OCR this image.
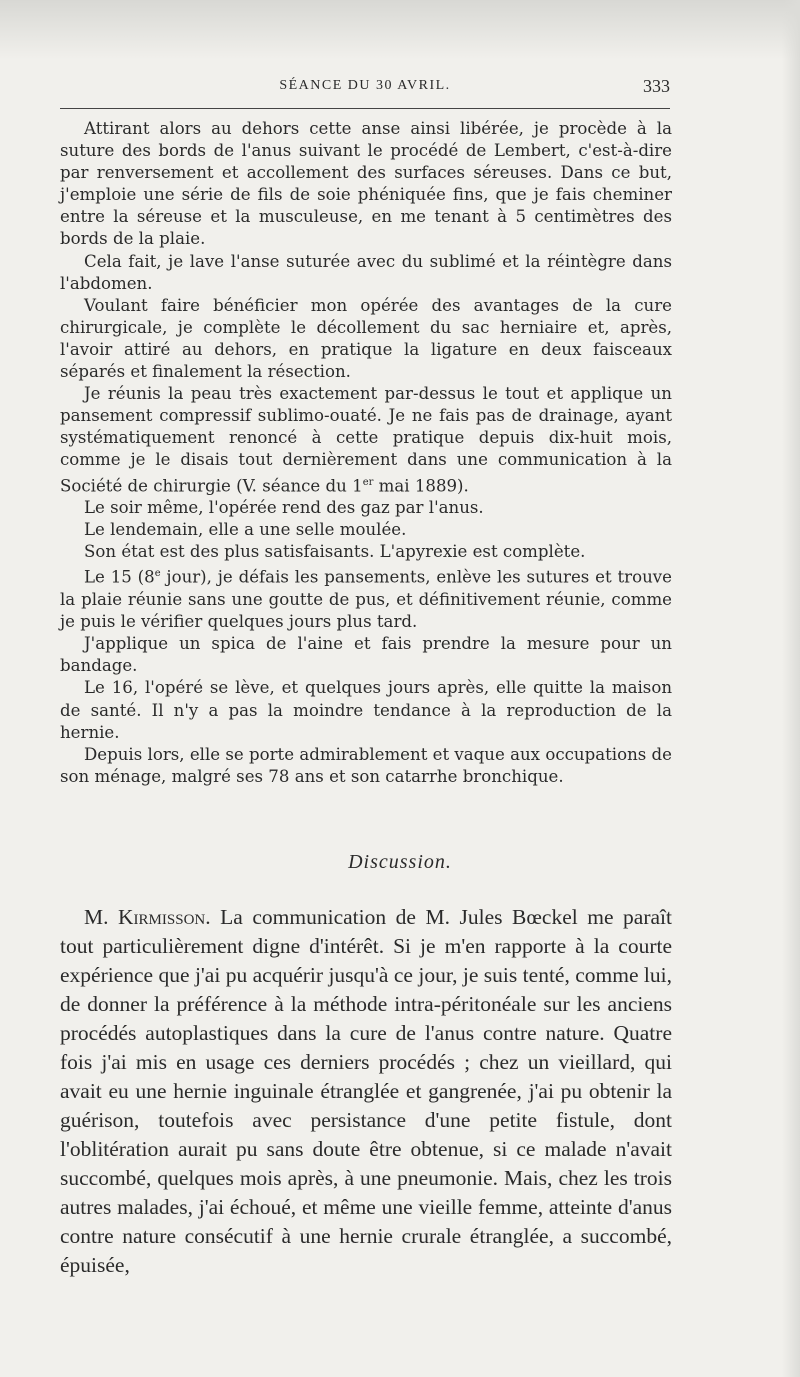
SÉANCE DU 30 AVRIL.	333

Attirant alors au dehors cette anse ainsi libérée, je procède à la suture des bords de l'anus suivant le procédé de Lembert, c'est-à-dire par renversement et accollement des surfaces séreuses. Dans ce but, j'emploie une série de fils de soie phéniquée fins, que je fais cheminer entre la séreuse et la musculeuse, en me tenant à 5 centimètres des bords de la plaie.

Cela fait, je lave l'anse suturée avec du sublimé et la réintègre dans l'abdomen.

Voulant faire bénéficier mon opérée des avantages de la cure chirurgicale, je complète le décollement du sac herniaire et, après, l'avoir attiré au dehors, en pratique la ligature en deux faisceaux séparés et finalement la résection.

Je réunis la peau très exactement par-dessus le tout et applique un pansement compressif sublimo-ouaté. Je ne fais pas de drainage, ayant systématiquement renoncé à cette pratique depuis dix-huit mois, comme je le disais tout dernièrement dans une communication à la Société de chirurgie (V. séance du 1er mai 1889).

Le soir même, l'opérée rend des gaz par l'anus.

Le lendemain, elle a une selle moulée.

Son état est des plus satisfaisants. L'apyrexie est complète.

Le 15 (8e jour), je défais les pansements, enlève les sutures et trouve la plaie réunie sans une goutte de pus, et définitivement réunie, comme je puis le vérifier quelques jours plus tard.

J'applique un spica de l'aine et fais prendre la mesure pour un bandage.

Le 16, l'opéré se lève, et quelques jours après, elle quitte la maison de santé. Il n'y a pas la moindre tendance à la reproduction de la hernie.

Depuis lors, elle se porte admirablement et vaque aux occupations de son ménage, malgré ses 78 ans et son catarrhe bronchique.

Discussion.

M. Kirmisson. La communication de M. Jules Bœckel me paraît tout particulièrement digne d'intérêt. Si je m'en rapporte à la courte expérience que j'ai pu acquérir jusqu'à ce jour, je suis tenté, comme lui, de donner la préférence à la méthode intra-péritonéale sur les anciens procédés autoplastiques dans la cure de l'anus contre nature. Quatre fois j'ai mis en usage ces derniers procédés ; chez un vieillard, qui avait eu une hernie inguinale étranglée et gangrenée, j'ai pu obtenir la guérison, toutefois avec persistance d'une petite fistule, dont l'oblitération aurait pu sans doute être obtenue, si ce malade n'avait succombé, quelques mois après, à une pneumonie. Mais, chez les trois autres malades, j'ai échoué, et même une vieille femme, atteinte d'anus contre nature consécutif à une hernie crurale étranglée, a succombé, épuisée,
